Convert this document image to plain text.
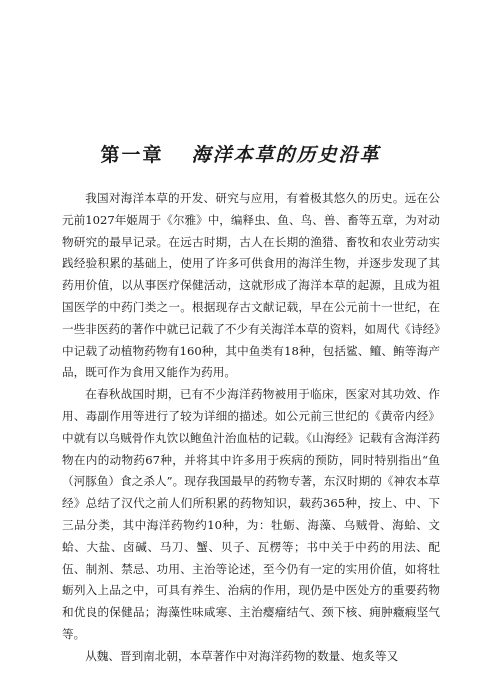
第一章 海洋本草的历史沿革

我国对海洋本草的开发、研究与应用，有着极其悠久的历史。远在公元前1027年姬周于《尔雅》中，编释虫、鱼、鸟、兽、畜等五章，为对动物研究的最早记录。在远古时期，古人在长期的渔猎、畜牧和农业劳动实践经验积累的基础上，使用了许多可供食用的海洋生物，并逐步发现了其药用价值，以从事医疗保健活动，这就形成了海洋本草的起源，且成为祖国医学的中药门类之一。根据现存古文献记载，早在公元前十一世纪，在一些非医药的著作中就已记载了不少有关海洋本草的资料，如周代《诗经》中记载了动植物药物有160种，其中鱼类有18种，包括鲨、鳣、鲔等海产品，既可作为食用又能作为药用。

在春秋战国时期，已有不少海洋药物被用于临床，医家对其功效、作用、毒副作用等进行了较为详细的描述。如公元前三世纪的《黄帝内经》中就有以乌贼骨作丸饮以鲍鱼汁治血枯的记载。《山海经》记载有含海洋药物在内的动物药67种，并将其中许多用于疾病的预防，同时特别指出“鱼（河豚鱼）食之杀人”。现存我国最早的药物专著，东汉时期的《神农本草经》总结了汉代之前人们所积累的药物知识，载药365种，按上、中、下三品分类，其中海洋药物约10种，为：牡蛎、海藻、乌贼骨、海蛤、文蛤、大盐、卤碱、马刀、蟹、贝子、瓦楞等；书中关于中药的用法、配伍、制剂、禁忌、功用、主治等论述，至今仍有一定的实用价值，如将牡蛎列入上品之中，可具有养生、治病的作用，现仍是中医处方的重要药物和优良的保健品；海藻性味咸寒、主治瘿瘤结气、颈下核、痈肿癥瘕坚气等。

从魏、晋到南北朝，本草著作中对海洋药物的数量、炮炙等又
